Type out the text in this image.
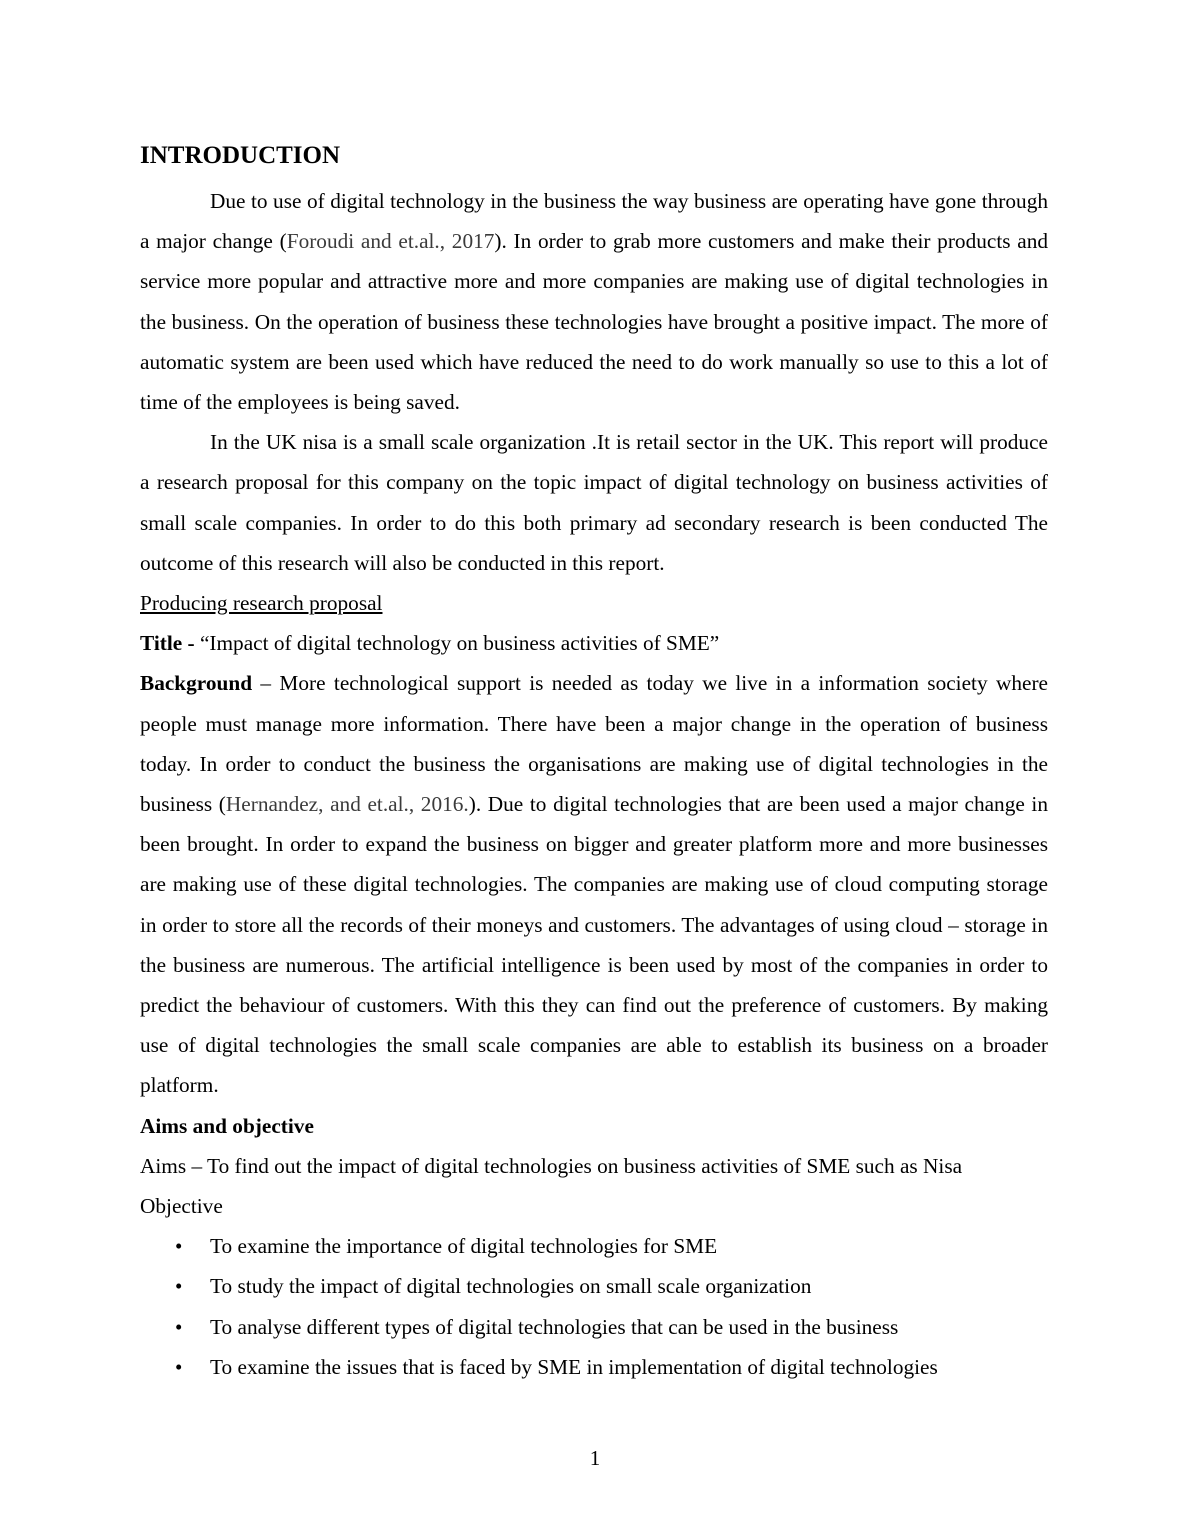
INTRODUCTION

Due to use of digital technology in the business the way business are operating have gone through a major change (Foroudi and et.al., 2017). In order to grab more customers and make their products and service more popular and attractive more and more companies are making use of digital technologies in the business. On the operation of business these technologies have brought a positive impact. The more of automatic system are been used which have reduced the need to do work manually so use to this a lot of time of the employees is being saved.

In the UK nisa is a small scale organization .It is retail sector in the UK. This report will produce a research proposal for this company on the topic impact of digital technology on business activities of small scale companies. In order to do this both primary ad secondary research is been conducted The outcome of this research will also be conducted in this report.

Producing research proposal

Title - “Impact of digital technology on business activities of SME”

Background – More technological support is needed as today we live in a information society where people must manage more information. There have been a major change in the operation of business today. In order to conduct the business the organisations are making use of digital technologies in the business (Hernandez, and et.al., 2016.). Due to digital technologies that are been used a major change in been brought. In order to expand the business on bigger and greater platform more and more businesses are making use of these digital technologies. The companies are making use of cloud computing storage in order to store all the records of their moneys and customers. The advantages of using cloud – storage in the business are numerous. The artificial intelligence is been used by most of the companies in order to predict the behaviour of customers. With this they can find out the preference of customers. By making use of digital technologies the small scale companies are able to establish its business on a broader platform.

Aims and objective

Aims – To find out the impact of digital technologies on business activities of SME such as Nisa

Objective

• To examine the importance of digital technologies for SME
• To study the impact of digital technologies on small scale organization
• To analyse different types of digital technologies that can be used in the business
• To examine the issues that is faced by SME in implementation of digital technologies
1
